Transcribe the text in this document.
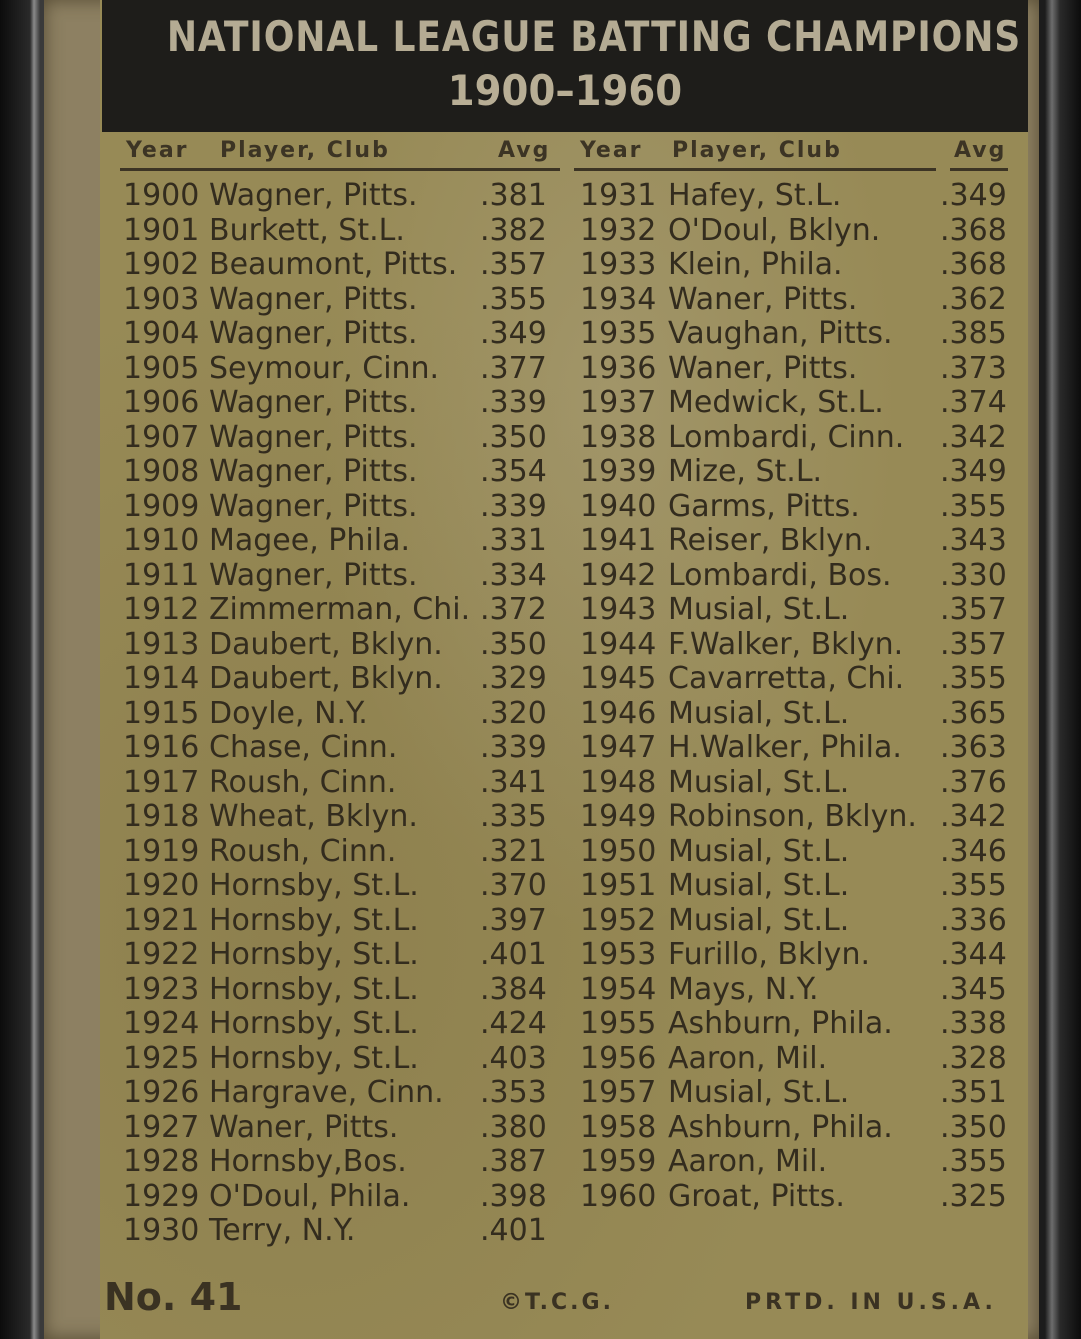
NATIONAL LEAGUE BATTING CHAMPIONS
1900–1960
Year Player, Club	Avg Year Player, Club	Avg
1900 Wagner, Pitts. .381
1901 Burkett, St.L.	.382
1902 Beaumont, Pitts. .357
1903 Wagner, Pitts. .355
1904 Wagner, Pitts. .349
1905 Seymour, Cinn. .377
1906 Wagner, Pitts. .339
1907 Wagner, Pitts. .350
1908 Wagner, Pitts. .354
1909 Wagner, Pitts. .339
1910 Magee, Phila. .331
1911 Wagner, Pitts. .334
1912 Zimmerman, Chi. .372
1913 Daubert, Bklyn. .350
1914 Daubert, Bklyn. .329
1915 Doyle, N.Y.	.320
1916 Chase, Cinn.	.339
1917 Roush, Cinn.	.341
1918 Wheat, Bklyn. .335
1919 Roush, Cinn.	.321
1920 Hornsby, St.L. .370
1921 Hornsby, St.L. .397
1922 Hornsby, St.L. .401
1923 Hornsby, St.L. .384
1924 Hornsby, St.L. .424
1925 Hornsby, St.L. .403
1926 Hargrave, Cinn. .353
1927 Waner, Pitts.	.380
1928 Hornsby,Bos. .387
1929 O'Doul, Phila. .398
1930 Terry, N.Y.	.401
1931 Hafey, St.L.	.349
1932 O'Doul, Bklyn. .368
1933 Klein, Phila.	.368
1934 Waner, Pitts.	.362
1935 Vaughan, Pitts. .385
1936 Waner, Pitts.	.373
1937 Medwick, St.L. .374
1938 Lombardi, Cinn. .342
1939 Mize, St.L.	.349
1940 Garms, Pitts.	.355
1941 Reiser, Bklyn. .343
1942 Lombardi, Bos. .330
1943 Musial, St.L.	.357
1944 F.Walker, Bklyn. .357
1945 Cavarretta, Chi. .355
1946 Musial, St.L.	.365
1947 H.Walker, Phila. .363
1948 Musial, St.L.	.376
1949 Robinson, Bklyn. .342
1950 Musial, St.L.	.346
1951 Musial, St.L.	.355
1952 Musial, St.L.	.336
1953 Furillo, Bklyn. .344
1954 Mays, N.Y.	.345
1955 Ashburn, Phila. .338
1956 Aaron, Mil.	.328
1957 Musial, St.L.	.351
1958 Ashburn, Phila. .350
1959 Aaron, Mil.	.355
1960 Groat, Pitts.	.325
No. 41	©T.C.G.	PRTD. IN U.S.A.
